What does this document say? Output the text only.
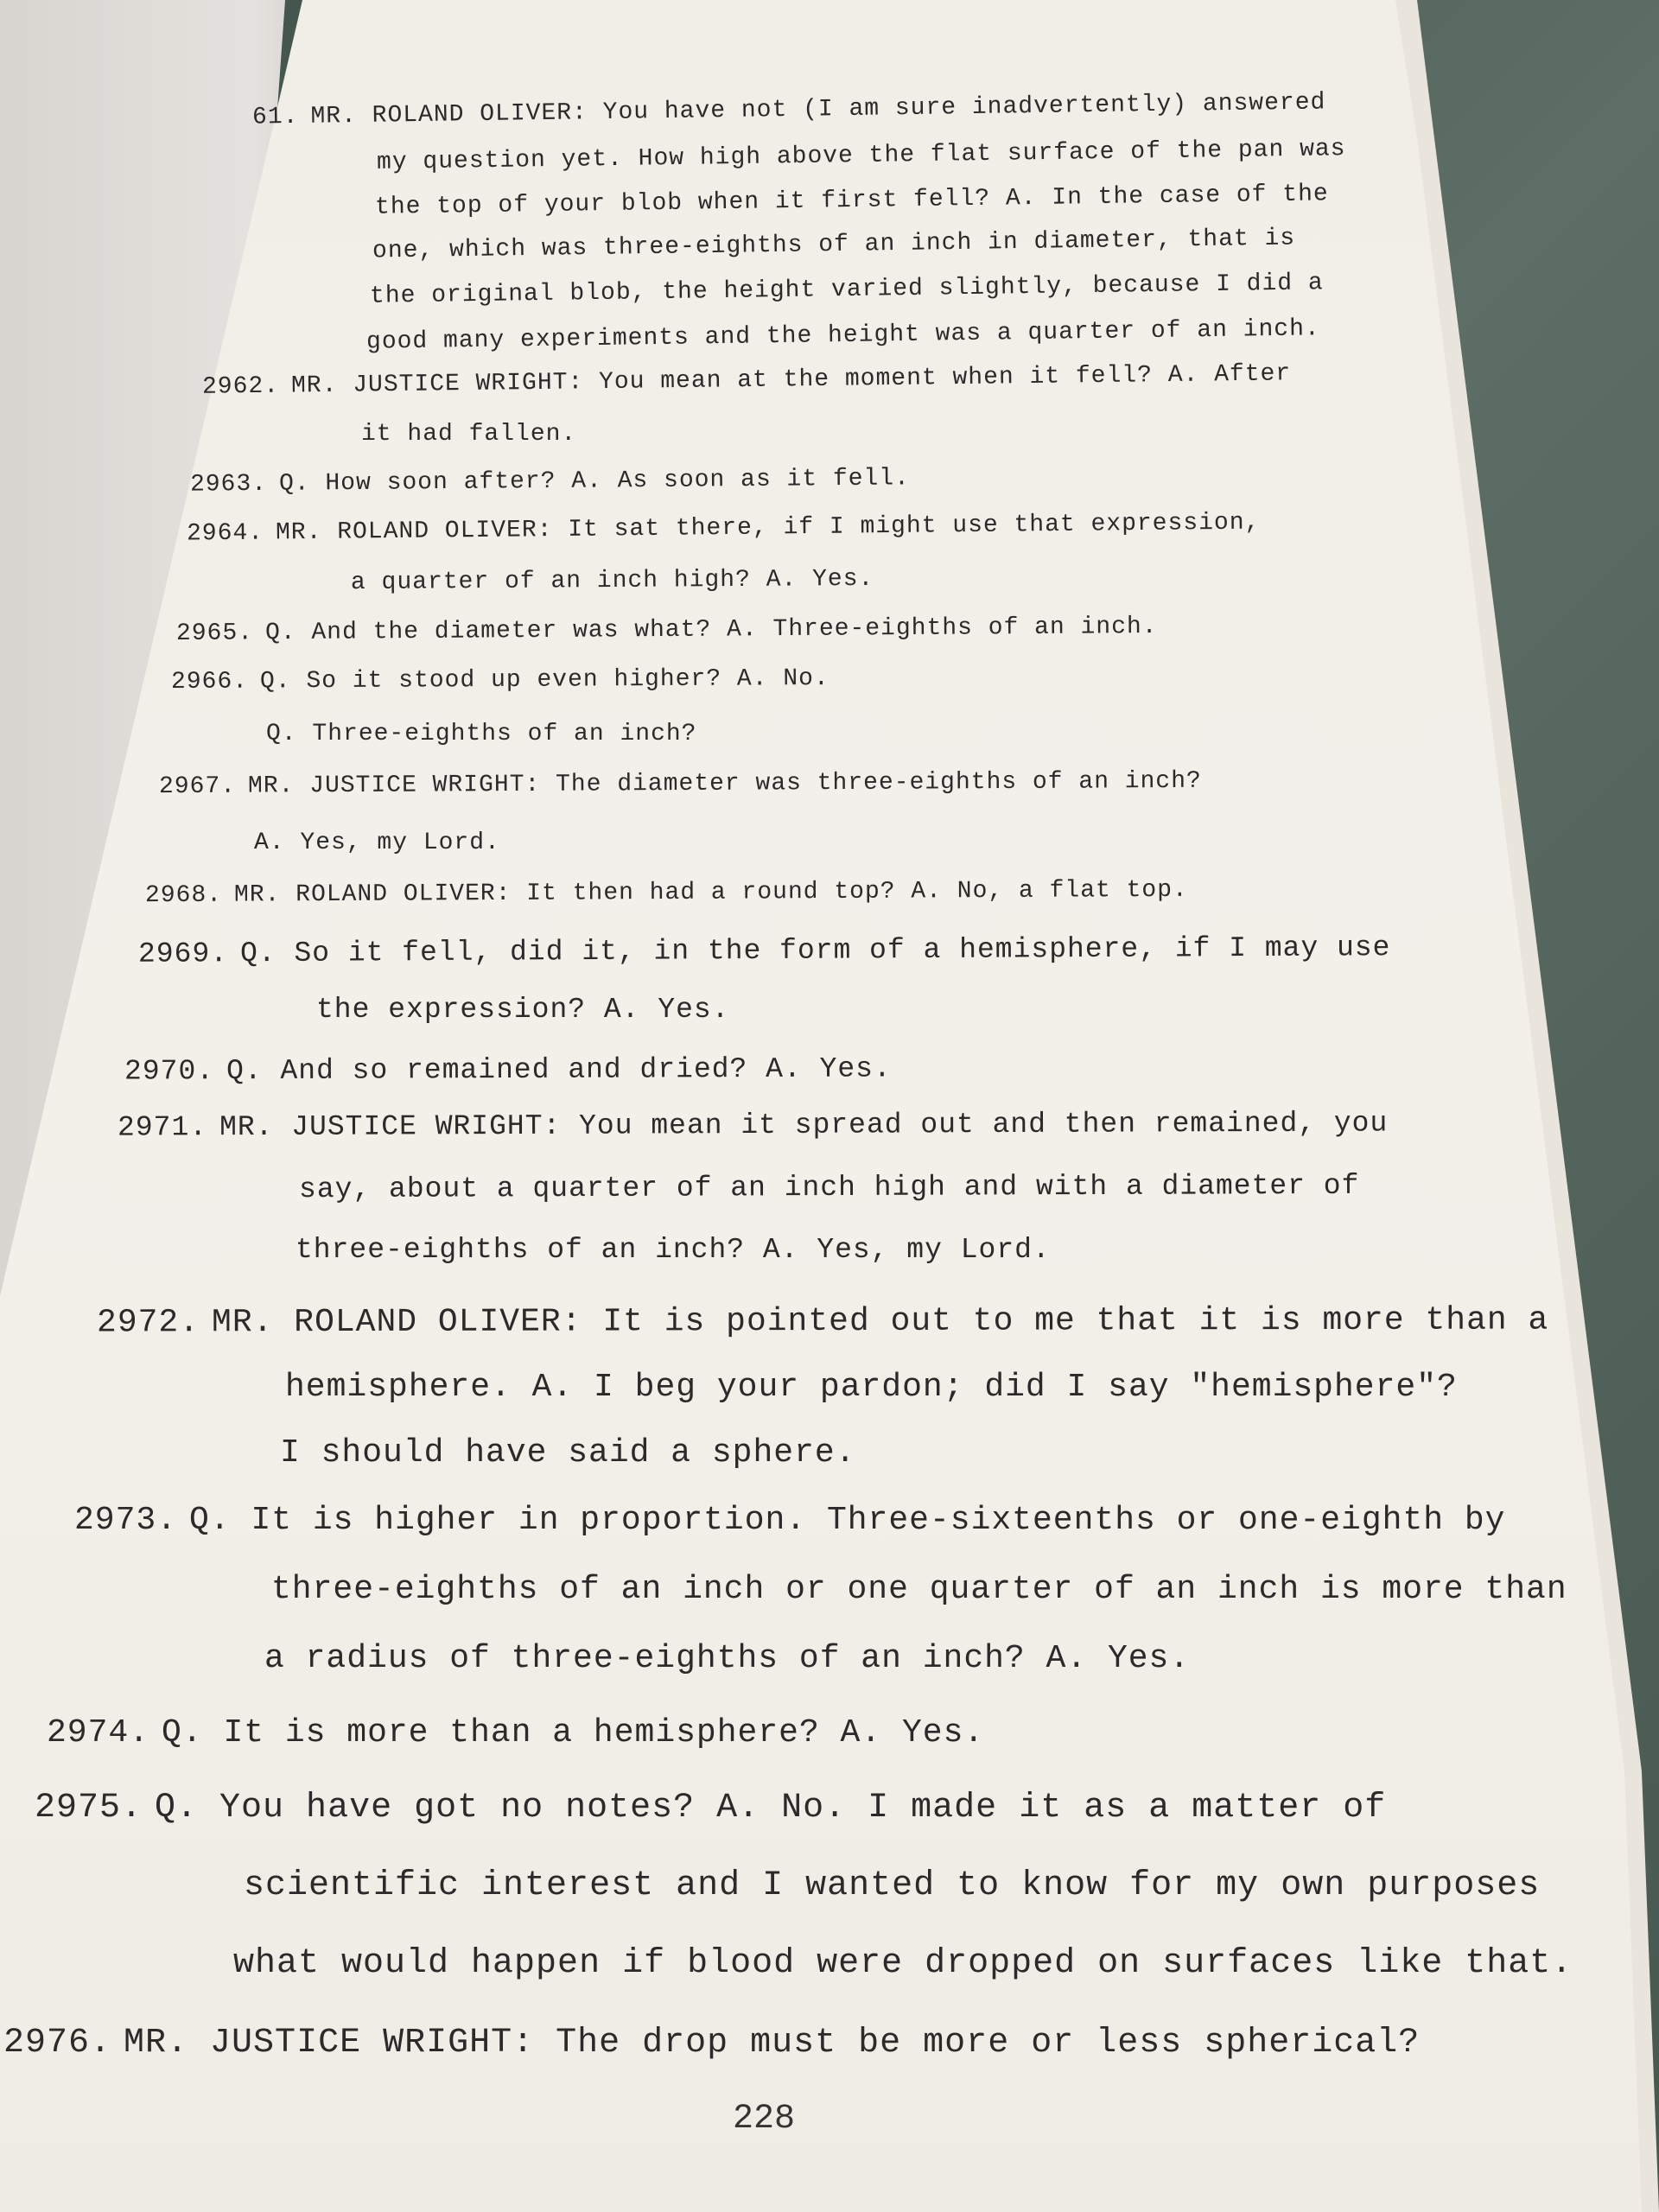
61. MR. ROLAND OLIVER: You have not (I am sure inadvertently) answered
my question yet. How high above the flat surface of the pan was
the top of your blob when it first fell? A. In the case of the
one, which was three-eighths of an inch in diameter, that is
the original blob, the height varied slightly, because I did a
good many experiments and the height was a quarter of an inch.
2962. MR. JUSTICE WRIGHT: You mean at the moment when it fell? A. After
it had fallen.
2963. Q. How soon after? A. As soon as it fell.
2964. MR. ROLAND OLIVER: It sat there, if I might use that expression,
a quarter of an inch high? A. Yes.
2965. Q. And the diameter was what? A. Three-eighths of an inch.
2966. Q. So it stood up even higher? A. No.
Q. Three-eighths of an inch?
2967. MR. JUSTICE WRIGHT: The diameter was three-eighths of an inch?
A. Yes, my Lord.
2968. MR. ROLAND OLIVER: It then had a round top? A. No, a flat top.
2969. Q. So it fell, did it, in the form of a hemisphere, if I may use
the expression? A. Yes.
2970. Q. And so remained and dried? A. Yes.
2971. MR. JUSTICE WRIGHT: You mean it spread out and then remained, you
say, about a quarter of an inch high and with a diameter of
three-eighths of an inch? A. Yes, my Lord.
2972. MR. ROLAND OLIVER: It is pointed out to me that it is more than a
hemisphere. A. I beg your pardon; did I say "hemisphere"?
I should have said a sphere.
2973. Q. It is higher in proportion. Three-sixteenths or one-eighth by
three-eighths of an inch or one quarter of an inch is more than
a radius of three-eighths of an inch? A. Yes.
2974. Q. It is more than a hemisphere? A. Yes.
2975. Q. You have got no notes? A. No. I made it as a matter of
scientific interest and I wanted to know for my own purposes
what would happen if blood were dropped on surfaces like that.
2976. MR. JUSTICE WRIGHT: The drop must be more or less spherical?
228
